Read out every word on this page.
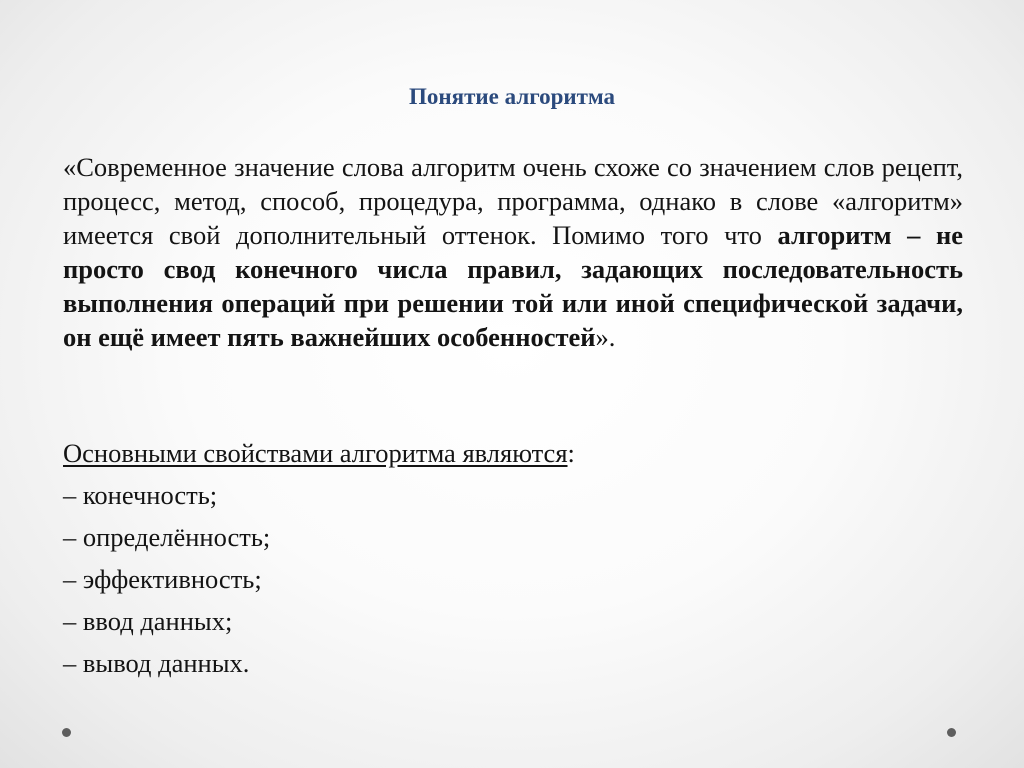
Понятие алгоритма
«Современное значение слова алгоритм очень схоже со значением слов рецепт, процесс, метод, способ, процедура, программа, однако в слове «алгоритм» имеется свой дополнительный оттенок. Помимо того что алгоритм – не просто свод конечного числа правил, задающих последовательность выполнения операций при решении той или иной специфической задачи, он ещё имеет пять важнейших особенностей».
Основными свойствами алгоритма являются:
– конечность;
– определённость;
– эффективность;
– ввод данных;
– вывод данных.
